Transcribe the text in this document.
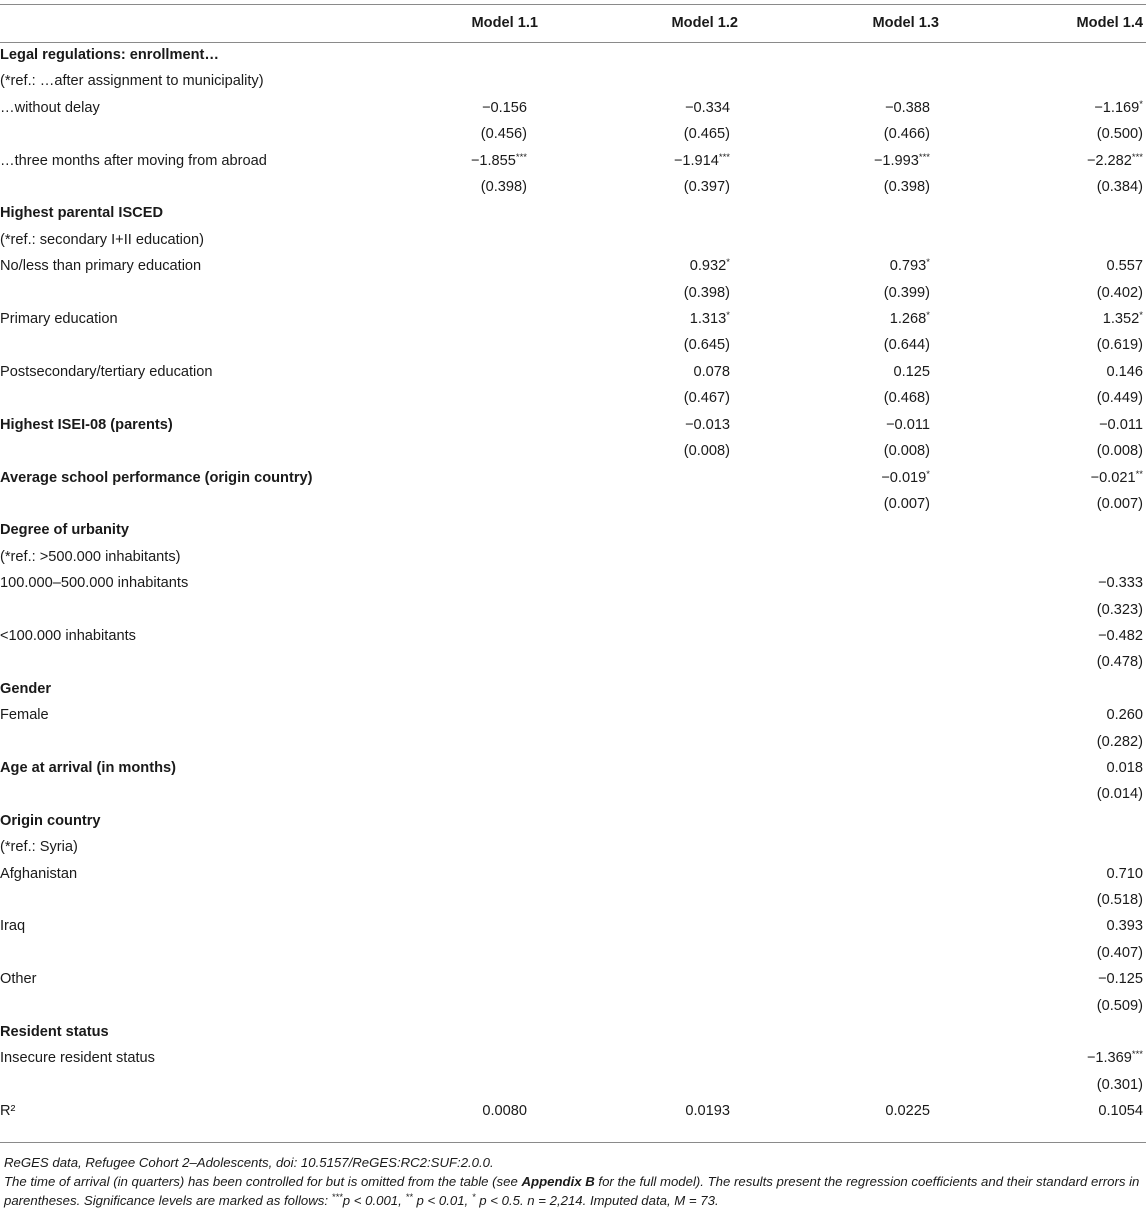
	Model 1.1	Model 1.2	Model 1.3	Model 1.4
Legal regulations: enrollment…				
(*ref.: …after assignment to municipality)				
…without delay	−0.156	−0.334	−0.388	−1.169*
	(0.456)	(0.465)	(0.466)	(0.500)
…three months after moving from abroad	−1.855***	−1.914***	−1.993***	−2.282***
	(0.398)	(0.397)	(0.398)	(0.384)
Highest parental ISCED				
(*ref.: secondary I+II education)				
No/less than primary education		0.932*	0.793*	0.557
		(0.398)	(0.399)	(0.402)
Primary education		1.313*	1.268*	1.352*
		(0.645)	(0.644)	(0.619)
Postsecondary/tertiary education		0.078	0.125	0.146
		(0.467)	(0.468)	(0.449)
Highest ISEI-08 (parents)		−0.013	−0.011	−0.011
		(0.008)	(0.008)	(0.008)
Average school performance (origin country)			−0.019*	−0.021**
			(0.007)	(0.007)
Degree of urbanity				
(*ref.: >500.000 inhabitants)				
100.000–500.000 inhabitants				−0.333
				(0.323)
<100.000 inhabitants				−0.482
				(0.478)
Gender				
Female				0.260
				(0.282)
Age at arrival (in months)				0.018
				(0.014)
Origin country				
(*ref.: Syria)				
Afghanistan				0.710
				(0.518)
Iraq				0.393
				(0.407)
Other				−0.125
				(0.509)
Resident status				
Insecure resident status				−1.369***
				(0.301)
R²	0.0080	0.0193	0.0225	0.1054

ReGES data, Refugee Cohort 2–Adolescents, doi: 10.5157/ReGES:RC2:SUF:2.0.0.

The time of arrival (in quarters) has been controlled for but is omitted from the table (see Appendix B for the full model). The results present the regression coefficients and their standard errors in parentheses. Significance levels are marked as follows: ***p < 0.001, ** p < 0.01, * p < 0.5. n = 2,214. Imputed data, M = 73.
